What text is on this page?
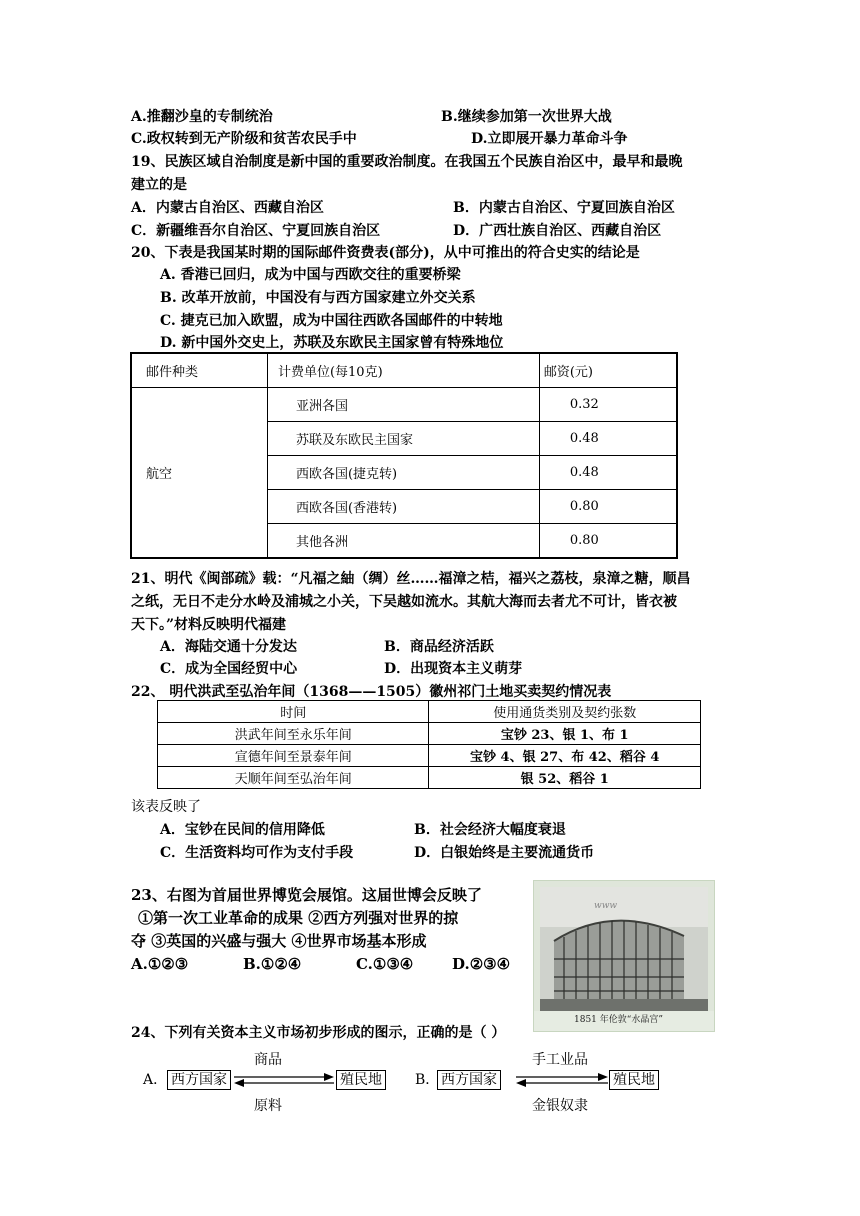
A.推翻沙皇的专制统治	B.继续参加第一次世界大战
C.政权转到无产阶级和贫苦农民手中	D.立即展开暴力革命斗争
19、民族区域自治制度是新中国的重要政治制度。在我国五个民族自治区中，最早和最晚
建立的是
A．内蒙古自治区、西藏自治区	B．内蒙古自治区、宁夏回族自治区
C．新疆维吾尔自治区、宁夏回族自治区	D．广西壮族自治区、西藏自治区
20、下表是我国某时期的国际邮件资费表(部分)，从中可推出的符合史实的结论是
A. 香港已回归，成为中国与西欧交往的重要桥梁
B. 改革开放前，中国没有与西方国家建立外交关系
C. 捷克已加入欧盟，成为中国往西欧各国邮件的中转地
D. 新中国外交史上，苏联及东欧民主国家曾有特殊地位
邮件种类	计费单位(每10克)	邮资(元)
航空	亚洲各国	0.32
	苏联及东欧民主国家	0.48
	西欧各国(捷克转)	0.48
	西欧各国(香港转)	0.80
	其他各洲	0.80
21、明代《闽部疏》载：“凡福之紬（绸）丝……福漳之桔，福兴之荔枝，泉漳之糖，顺昌
之纸，无日不走分水岭及浦城之小关，下吴越如流水。其航大海而去者尤不可计，皆衣被
天下。”材料反映明代福建
A．海陆交通十分发达	B．商品经济活跃
C．成为全国经贸中心	D．出现资本主义萌芽
22、 明代洪武至弘治年间（1368——1505）徽州祁门土地买卖契约情况表
时间	使用通货类别及契约张数
洪武年间至永乐年间	宝钞 23、银 1、布 1
宣德年间至景泰年间	宝钞 4、银 27、布 42、稻谷 4
天顺年间至弘治年间	银 52、稻谷 1
该表反映了
A．宝钞在民间的信用降低	B．社会经济大幅度衰退
C．生活资料均可作为支付手段	D．白银始终是主要流通货币
23、右图为首届世界博览会展馆。这届世博会反映了
①第一次工业革命的成果 ②西方列强对世界的掠
夺 ③英国的兴盛与强大 ④世界市场基本形成
A.①②③	B.①②④	C.①③④	D.②③④
www
1851 年伦敦“水晶宫”
24、下列有关资本主义市场初步形成的图示，正确的是（ ）
A． 西方国家
商品
原料
殖民地 B． 西方国家
手工业品
金银奴隶
殖民地
